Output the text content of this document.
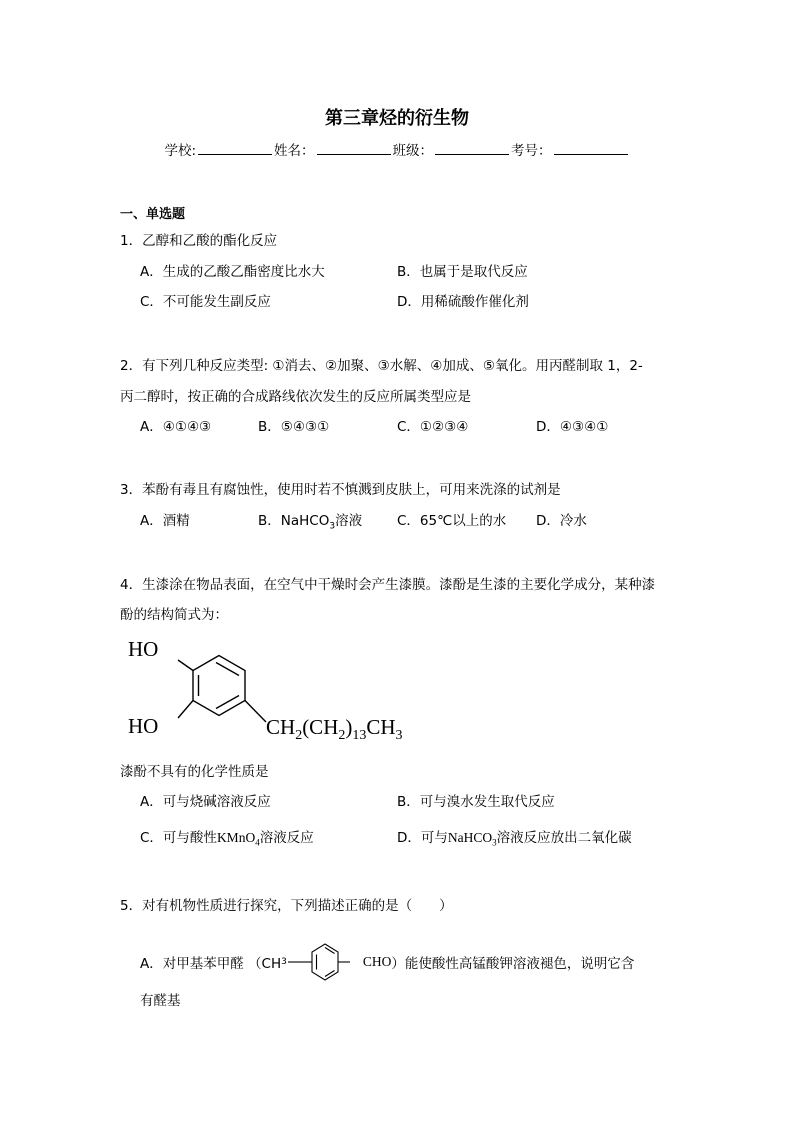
第三章烃的衍生物
学校:	姓名：	班级：	考号：
一、单选题
1．乙醇和乙酸的酯化反应
A．生成的乙酸乙酯密度比水大	B．也属于是取代反应
C．不可能发生副反应	D．用稀硫酸作催化剂
2．有下列几种反应类型: ①消去、②加聚、③水解、④加成、⑤氧化。用丙醛制取 1，2-
丙二醇时，按正确的合成路线依次发生的反应所属类型应是
A．④①④③	B．⑤④③①	C．①②③④	D．④③④①
3．苯酚有毒且有腐蚀性，使用时若不慎溅到皮肤上，可用来洗涤的试剂是
A．酒精	B．NaHCO$_3$溶液	C．65℃以上的水 D．冷水
4．生漆涂在物品表面，在空气中干燥时会产生漆膜。漆酚是生漆的主要化学成分，某种漆
酚的结构简式为：
HO
HO	$CH_2(CH_2)_{13}CH_3$
漆酚不具有的化学性质是
A．可与烧碱溶液反应	B．可与溴水发生取代反应
C．可与酸性KMnO$_4$溶液反应	D．可与NaHCO$_3$溶液反应放出二氧化碳
5．对有机物性质进行探究，下列描述正确的是（　　）
A．对甲基苯甲醛 （CH 3	CHO ）能使酸性高锰酸钾溶液褪色，说明它含
有醛基
